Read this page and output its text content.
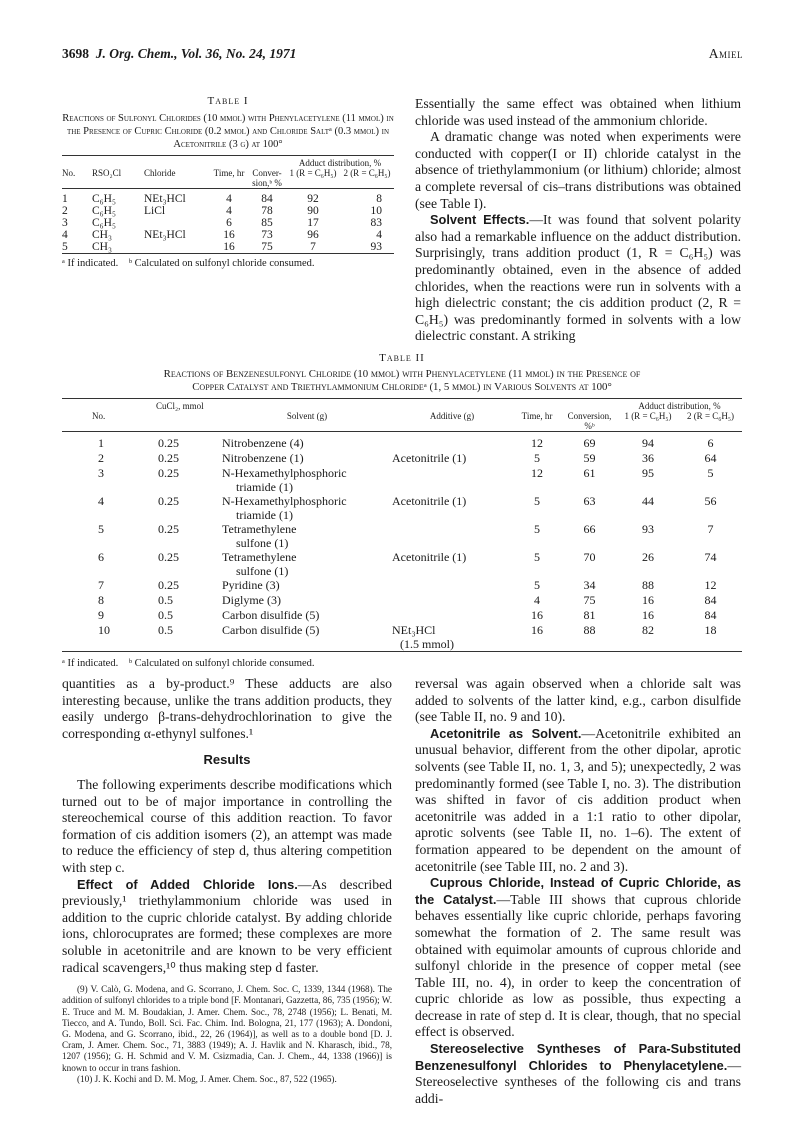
3698 J. Org. Chem., Vol. 36, No. 24, 1971	Amiel
Table I
Reactions of Sulfonyl Chlorides (10 mmol) with Phenylacetylene (11 mmol) in the Presence of Cupric Chloride (0.2 mmol) and Chloride Saltᵃ (0.3 mmol) in Acetonitrile (3 g) at 100°
					Adduct distribution, %	
No.	RSO₂Cl	Chloride	Time, hr	Conver-sion,ᵇ %	1 (R = C₆H₅)	2 (R = C₆H₅)

1	C₆H₅	NEt₃HCl	4	84	92	8
2	C₆H₅	LiCl	4	78	90	10
3	C₆H₅		6	85	17	83
4	CH₃	NEt₃HCl	16	73	96	4
5	CH₃		16	75	7	93

ᵃ If indicated. ᵇ Calculated on sulfonyl chloride consumed.

Essentially the same effect was obtained when lithium chloride was used instead of the ammonium chloride.

A dramatic change was noted when experiments were conducted with copper(I or II) chloride catalyst in the absence of triethylammonium (or lithium) chloride; almost a complete reversal of cis–trans distributions was obtained (see Table I).

Solvent Effects.—It was found that solvent polarity also had a remarkable influence on the adduct distribution. Surprisingly, trans addition product (1, R = C₆H₅) was predominantly obtained, even in the absence of added chlorides, when the reactions were run in solvents with a high dielectric constant; the cis addition product (2, R = C₆H₅) was predominantly formed in solvents with a low dielectric constant. A striking

Table II
Reactions of Benzenesulfonyl Chloride (10 mmol) with Phenylacetylene (11 mmol) in the Presence of
Copper Catalyst and Triethylammonium Chlorideᵃ (1, 5 mmol) in Various Solvents at 100°
	CuCl₂, mmol					Adduct distribution, %	
No.		Solvent (g)	Additive (g)	Time, hr	Conversion, %ᵇ	1 (R = C₆H₅)	2 (R = C₆H₅)

1	0.25	Nitrobenzene (4)		12	69	94	6
2	0.25	Nitrobenzene (1)	Acetonitrile (1)	5	59	36	64
3	0.25	N-Hexamethylphosphoric
triamide (1)		12	61	95	5
4	0.25	N-Hexamethylphosphoric
triamide (1)	Acetonitrile (1)	5	63	44	56
5	0.25	Tetramethylene
sulfone (1)		5	66	93	7
6	0.25	Tetramethylene
sulfone (1)	Acetonitrile (1)	5	70	26	74
7	0.25	Pyridine (3)		5	34	88	12
8	0.5	Diglyme (3)		4	75	16	84
9	0.5	Carbon disulfide (5)		16	81	16	84
10	0.5	Carbon disulfide (5)	NEt₃HCl
(1.5 mmol)	16	88	82	18

ᵃ If indicated. ᵇ Calculated on sulfonyl chloride consumed.

quantities as a by-product.⁹ These adducts are also interesting because, unlike the trans addition products, they easily undergo β-trans-dehydrochlorination to give the corresponding α-ethynyl sulfones.¹

Results

The following experiments describe modifications which turned out to be of major importance in controlling the stereochemical course of this addition reaction. To favor formation of cis addition isomers (2), an attempt was made to reduce the efficiency of step d, thus altering competition with step c.

Effect of Added Chloride Ions.—As described previously,¹ triethylammonium chloride was used in addition to the cupric chloride catalyst. By adding chloride ions, chlorocuprates are formed; these complexes are more soluble in acetonitrile and are known to be very efficient radical scavengers,¹⁰ thus making step d faster.

(9) V. Calò, G. Modena, and G. Scorrano, J. Chem. Soc. C, 1339, 1344 (1968). The addition of sulfonyl chlorides to a triple bond [F. Montanari, Gazzetta, 86, 735 (1956); W. E. Truce and M. M. Boudakian, J. Amer. Chem. Soc., 78, 2748 (1956); L. Benati, M. Tiecco, and A. Tundo, Boll. Sci. Fac. Chim. Ind. Bologna, 21, 177 (1963); A. Dondoni, G. Modena, and G. Scorrano, ibid., 22, 26 (1964)], as well as to a double bond [D. J. Cram, J. Amer. Chem. Soc., 71, 3883 (1949); A. J. Havlik and N. Kharasch, ibid., 78, 1207 (1956); G. H. Schmid and V. M. Csizmadia, Can. J. Chem., 44, 1338 (1966)] is known to occur in trans fashion.

(10) J. K. Kochi and D. M. Mog, J. Amer. Chem. Soc., 87, 522 (1965).

reversal was again observed when a chloride salt was added to solvents of the latter kind, e.g., carbon disulfide (see Table II, no. 9 and 10).

Acetonitrile as Solvent.—Acetonitrile exhibited an unusual behavior, different from the other dipolar, aprotic solvents (see Table II, no. 1, 3, and 5); unexpectedly, 2 was predominantly formed (see Table I, no. 3). The distribution was shifted in favor of cis addition product when acetonitrile was added in a 1:1 ratio to other dipolar, aprotic solvents (see Table II, no. 1–6). The extent of formation appeared to be dependent on the amount of acetonitrile (see Table III, no. 2 and 3).

Cuprous Chloride, Instead of Cupric Chloride, as the Catalyst.—Table III shows that cuprous chloride behaves essentially like cupric chloride, perhaps favoring somewhat the formation of 2. The same result was obtained with equimolar amounts of cuprous chloride and sulfonyl chloride in the presence of copper metal (see Table III, no. 4), in order to keep the concentration of cupric chloride as low as possible, thus expecting a decrease in rate of step d. It is clear, though, that no special effect is observed.

Stereoselective Syntheses of Para-Substituted Benzenesulfonyl Chlorides to Phenylacetylene.—Stereoselective syntheses of the following cis and trans addi-
